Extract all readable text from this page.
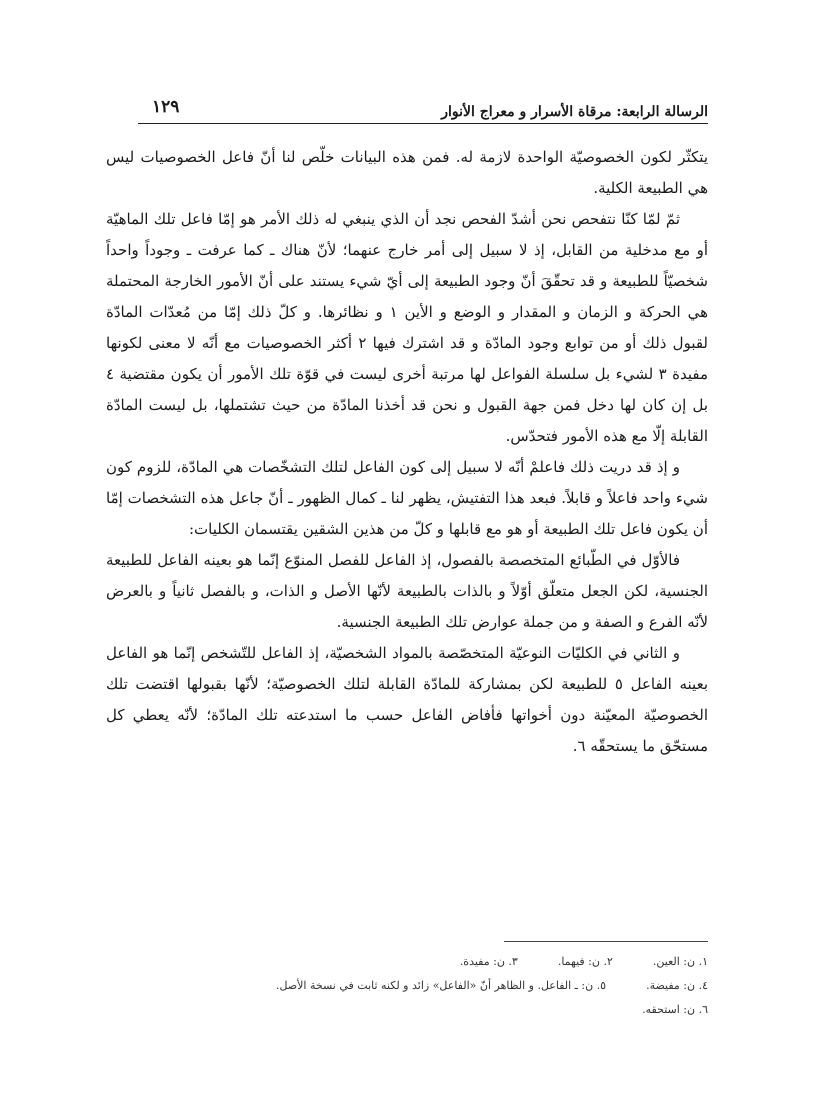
الرسالة الرابعة: مرقاة الأسرار و معراج الأنوار
١٢٩

يتكثّر لكون الخصوصيّة الواحدة لازمة له. فمن هذه البيانات خلّص لنا أنّ فاعل الخصوصيات ليس هي الطبيعة الكلية.

ثمّ لمّا كنّا نتفحص نحن أشدّ الفحص نجد أن الذي ينبغي له ذلك الأمر هو إمّا فاعل تلك الماهيّة أو مع مدخلية من القابل، إذ لا سبيل إلى أمر خارج عنهما؛ لأنّ هناك ـ كما عرفت ـ وجوداً واحداً شخصيّاً للطبيعة و قد تحقّقَ أنّ وجود الطبيعة إلى أيّ شيء يستند على أنّ الأمور الخارجة المحتملة هي الحركة و الزمان و المقدار و الوضع و الأين ١ و نظائرها. و كلّ ذلك إمّا من مُعدّات المادّة لقبول ذلك أو من توابع وجود المادّة و قد اشترك فيها ٢ أكثر الخصوصيات مع أنّه لا معنى لكونها مفيدة ٣ لشيء بل سلسلة الفواعل لها مرتبة أخرى ليست في قوّة تلك الأمور أن يكون مقتضية ٤ بل إن كان لها دخل فمن جهة القبول و نحن قد أخذنا المادّة من حيث تشتملها، بل ليست المادّة القابلة إلّا مع هذه الأمور فتحدّس.

و إذ قد دريت ذلك فاعلمْ أنّه لا سبيل إلى كون الفاعل لتلك التشخّصات هي المادّة، للزوم كون شيء واحد فاعلاً و قابلاً. فبعد هذا التفتيش، يظهر لنا ـ كمال الظهور ـ أنّ جاعل هذه التشخصات إمّا أن يكون فاعل تلك الطبيعة أو هو مع قابلها و كلّ من هذين الشقين يقتسمان الكليات:

فالأوّل في الطّبائع المتخصصة بالفصول، إذ الفاعل للفصل المنوّع إنّما هو بعينه الفاعل للطبيعة الجنسية، لكن الجعل متعلّق أوّلاً و بالذات بالطبيعة لأنّها الأصل و الذات، و بالفصل ثانياً و بالعرض لأنّه الفرع و الصفة و من جملة عوارض تلك الطبيعة الجنسية.

و الثاني في الكليّات النوعيّة المتخصّصة بالمواد الشخصيّة، إذ الفاعل للتّشخص إنّما هو الفاعل بعينه الفاعل ٥ للطبيعة لكن بمشاركة للمادّة القابلة لتلك الخصوصيّة؛ لأنّها بقبولها اقتضت تلك الخصوصيّة المعيّنة دون أخواتها فأفاض الفاعل حسب ما استدعته تلك المادّة؛ لأنّه يعطي كل مستحّق ما يستحقّه ٦.

١. ن: العين.
٢. ن: فيهما.
٣. ن: مفيدة.
٤. ن: مفيضة.
٥. ن: ـ الفاعل. و الظاهر أنّ «الفاعل» زائد و لكنه ثابت في نسخة الأصل.
٦. ن: استحقه.
